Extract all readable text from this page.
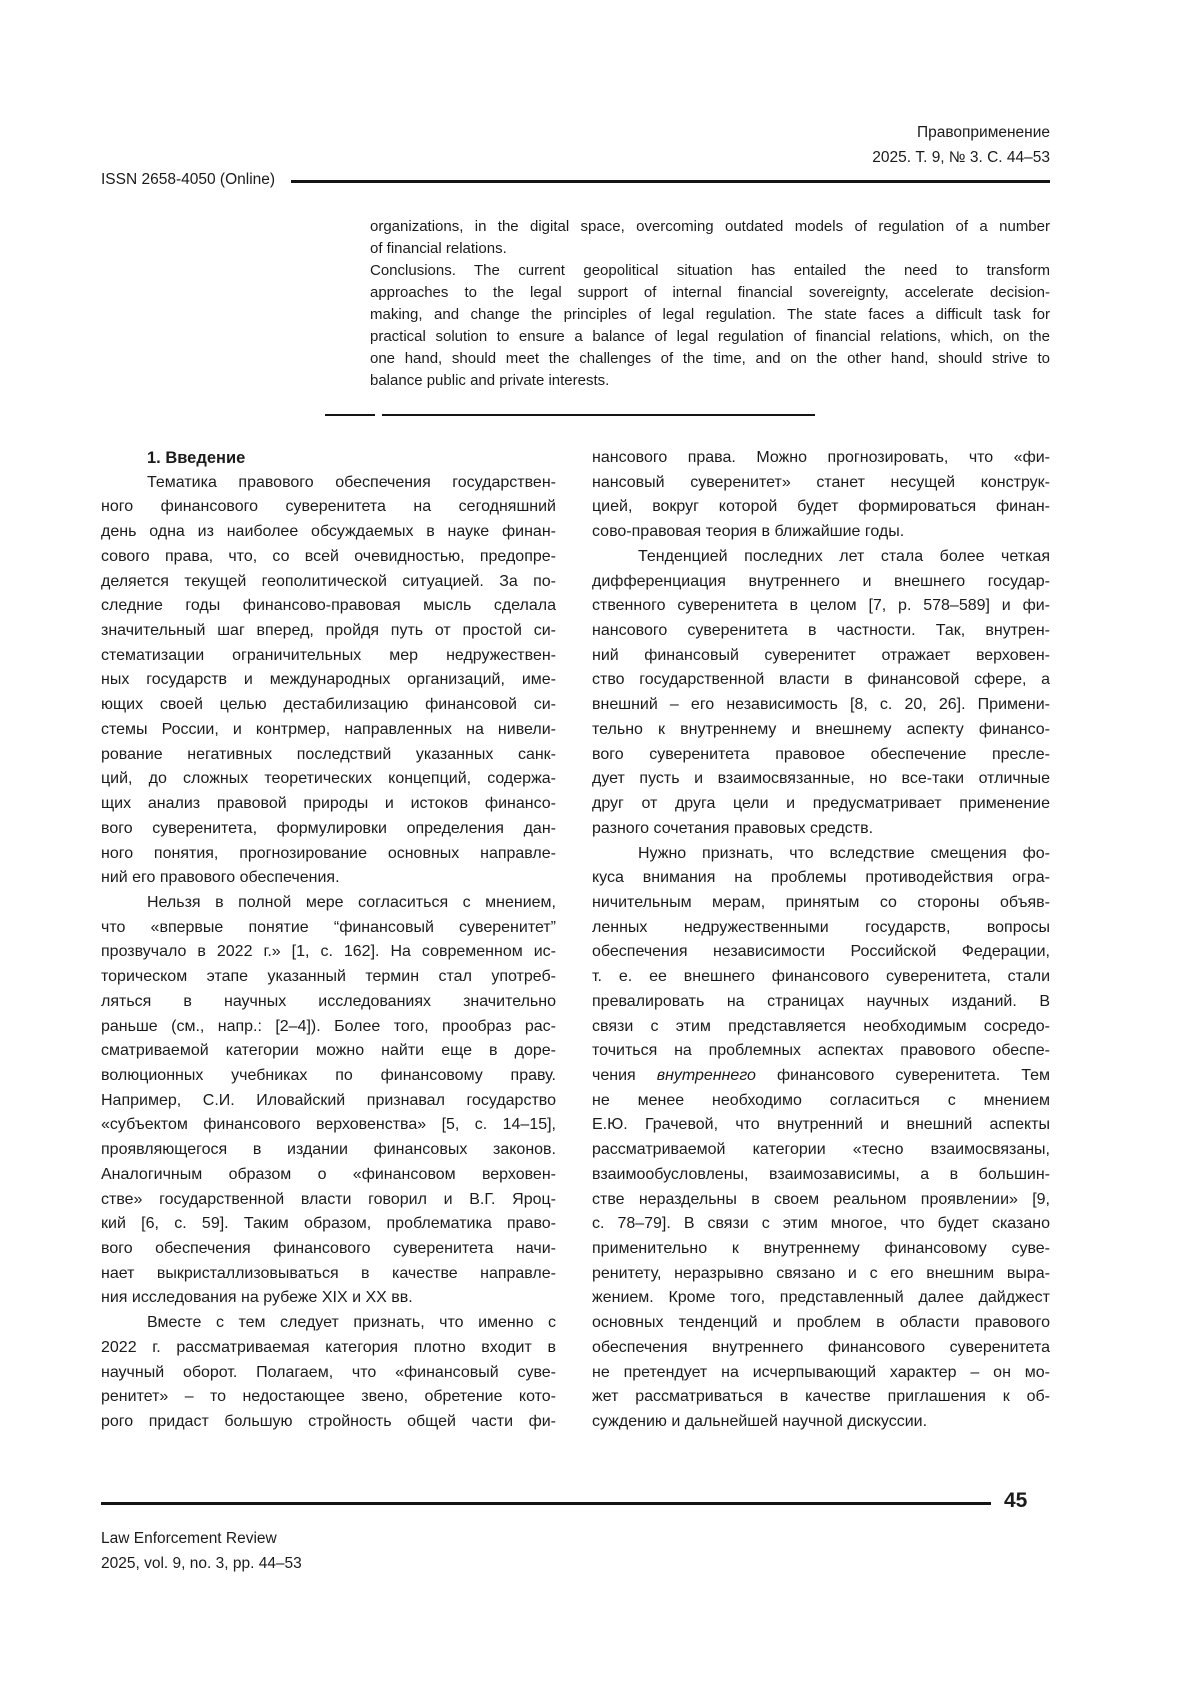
Правоприменение
2025. Т. 9, № 3. С. 44–53
ISSN 2658-4050 (Online)
organizations, in the digital space, overcoming outdated models of regulation of a number
of financial relations.
Conclusions. The current geopolitical situation has entailed the need to transform
approaches to the legal support of internal financial sovereignty, accelerate decision-
making, and change the principles of legal regulation. The state faces a difficult task for
practical solution to ensure a balance of legal regulation of financial relations, which, on the
one hand, should meet the challenges of the time, and on the other hand, should strive to
balance public and private interests.
1. Введение
Тематика правового обеспечения государствен-
ного финансового суверенитета на сегодняшний
день одна из наиболее обсуждаемых в науке финан-
сового права, что, со всей очевидностью, предопре-
деляется текущей геополитической ситуацией. За по-
следние годы финансово-правовая мысль сделала
значительный шаг вперед, пройдя путь от простой си-
стематизации ограничительных мер недружествен-
ных государств и международных организаций, име-
ющих своей целью дестабилизацию финансовой си-
стемы России, и контрмер, направленных на нивели-
рование негативных последствий указанных санк-
ций, до сложных теоретических концепций, содержа-
щих анализ правовой природы и истоков финансо-
вого суверенитета, формулировки определения дан-
ного понятия, прогнозирование основных направле-
ний его правового обеспечения.
Нельзя в полной мере согласиться с мнением,
что «впервые понятие “финансовый суверенитет”
прозвучало в 2022 г.» [1, с. 162]. На современном ис-
торическом этапе указанный термин стал употреб-
ляться в научных исследованиях значительно
раньше (см., напр.: [2–4]). Более того, прообраз рас-
сматриваемой категории можно найти еще в доре-
волюционных учебниках по финансовому праву.
Например, С.И. Иловайский признавал государство
«субъектом финансового верховенства» [5, с. 14–15],
проявляющегося в издании финансовых законов.
Аналогичным образом о «финансовом верховен-
стве» государственной власти говорил и В.Г. Яроц-
кий [6, с. 59]. Таким образом, проблематика право-
вого обеспечения финансового суверенитета начи-
нает выкристаллизовываться в качестве направле-
ния исследования на рубеже XIX и XX вв.
Вместе с тем следует признать, что именно с
2022 г. рассматриваемая категория плотно входит в
научный оборот. Полагаем, что «финансовый суве-
ренитет» – то недостающее звено, обретение кото-
рого придаст большую стройность общей части фи-
нансового права. Можно прогнозировать, что «фи-
нансовый суверенитет» станет несущей конструк-
цией, вокруг которой будет формироваться финан-
сово-правовая теория в ближайшие годы.
Тенденцией последних лет стала более четкая
дифференциация внутреннего и внешнего государ-
ственного суверенитета в целом [7, p. 578–589] и фи-
нансового суверенитета в частности. Так, внутрен-
ний финансовый суверенитет отражает верховен-
ство государственной власти в финансовой сфере, а
внешний – его независимость [8, с. 20, 26]. Примени-
тельно к внутреннему и внешнему аспекту финансо-
вого суверенитета правовое обеспечение пресле-
дует пусть и взаимосвязанные, но все-таки отличные
друг от друга цели и предусматривает применение
разного сочетания правовых средств.
Нужно признать, что вследствие смещения фо-
куса внимания на проблемы противодействия огра-
ничительным мерам, принятым со стороны объяв-
ленных недружественными государств, вопросы
обеспечения независимости Российской Федерации,
т. е. ее внешнего финансового суверенитета, стали
превалировать на страницах научных изданий. В
связи с этим представляется необходимым сосредо-
точиться на проблемных аспектах правового обеспе-
чения внутреннего финансового суверенитета. Тем
не менее необходимо согласиться с мнением
Е.Ю. Грачевой, что внутренний и внешний аспекты
рассматриваемой категории «тесно взаимосвязаны,
взаимообусловлены, взаимозависимы, а в большин-
стве нераздельны в своем реальном проявлении» [9,
с. 78–79]. В связи с этим многое, что будет сказано
применительно к внутреннему финансовому суве-
ренитету, неразрывно связано и с его внешним выра-
жением. Кроме того, представленный далее дайджест
основных тенденций и проблем в области правового
обеспечения внутреннего финансового суверенитета
не претендует на исчерпывающий характер – он мо-
жет рассматриваться в качестве приглашения к об-
суждению и дальнейшей научной дискуссии.
45
Law Enforcement Review
2025, vol. 9, no. 3, pp. 44–53
